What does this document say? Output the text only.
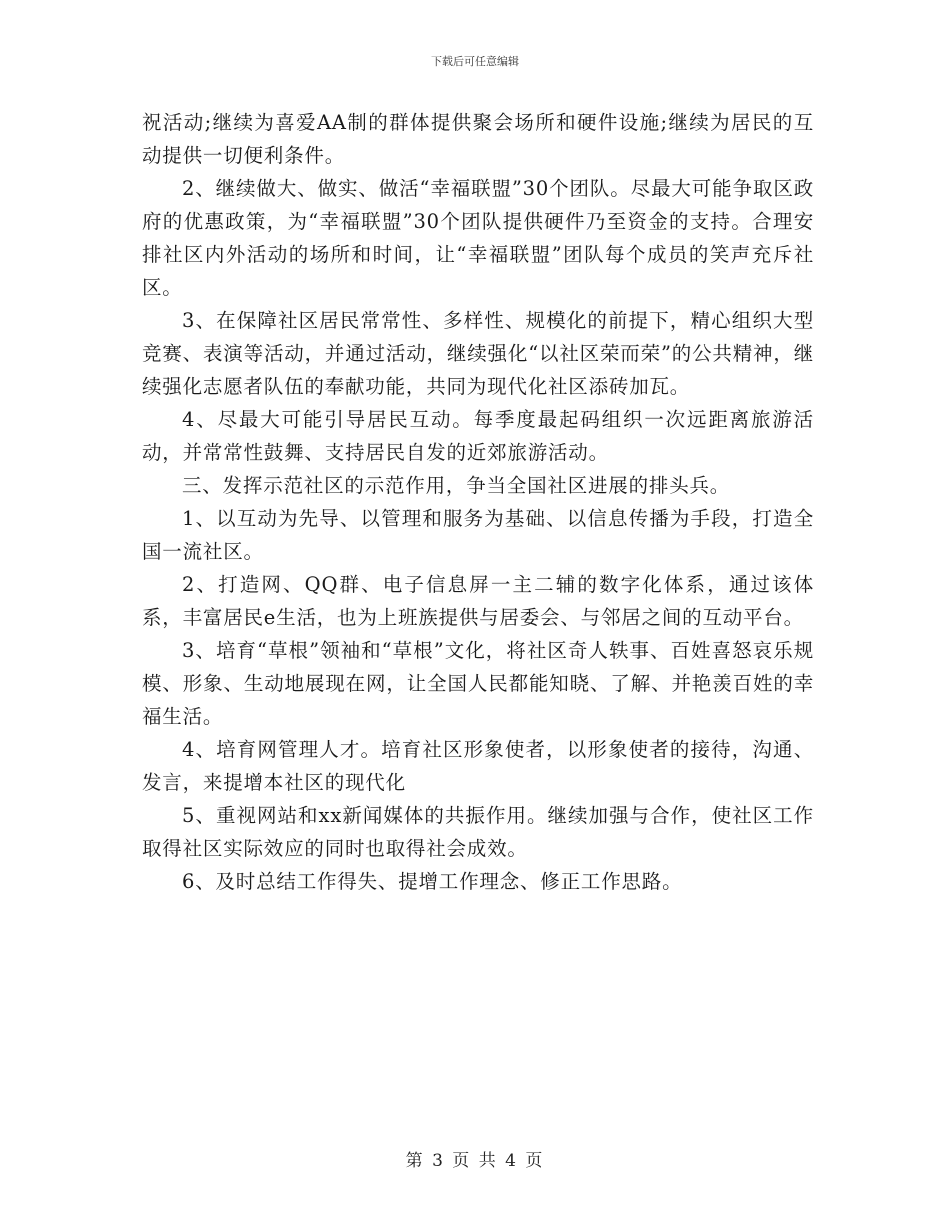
下载后可任意编辑

祝活动;继续为喜爱AA制的群体提供聚会场所和硬件设施;继续为居民的互动提供一切便利条件。

2、继续做大、做实、做活“幸福联盟”30个团队。尽最大可能争取区政府的优惠政策，为“幸福联盟”30个团队提供硬件乃至资金的支持。合理安排社区内外活动的场所和时间，让“幸福联盟”团队每个成员的笑声充斥社区。

3、在保障社区居民常常性、多样性、规模化的前提下，精心组织大型竞赛、表演等活动，并通过活动，继续强化“以社区荣而荣”的公共精神，继续强化志愿者队伍的奉献功能，共同为现代化社区添砖加瓦。

4、尽最大可能引导居民互动。每季度最起码组织一次远距离旅游活动，并常常性鼓舞、支持居民自发的近郊旅游活动。

三、发挥示范社区的示范作用，争当全国社区进展的排头兵。

1、以互动为先导、以管理和服务为基础、以信息传播为手段，打造全国一流社区。

2、打造网、QQ群、电子信息屏一主二辅的数字化体系，通过该体系，丰富居民e生活，也为上班族提供与居委会、与邻居之间的互动平台。

3、培育“草根”领袖和“草根”文化，将社区奇人轶事、百姓喜怒哀乐规模、形象、生动地展现在网，让全国人民都能知晓、了解、并艳羡百姓的幸福生活。

4、培育网管理人才。培育社区形象使者，以形象使者的接待，沟通、发言，来提增本社区的现代化

5、重视网站和xx新闻媒体的共振作用。继续加强与合作，使社区工作取得社区实际效应的同时也取得社会成效。

6、及时总结工作得失、提增工作理念、修正工作思路。

第 3 页 共 4 页
